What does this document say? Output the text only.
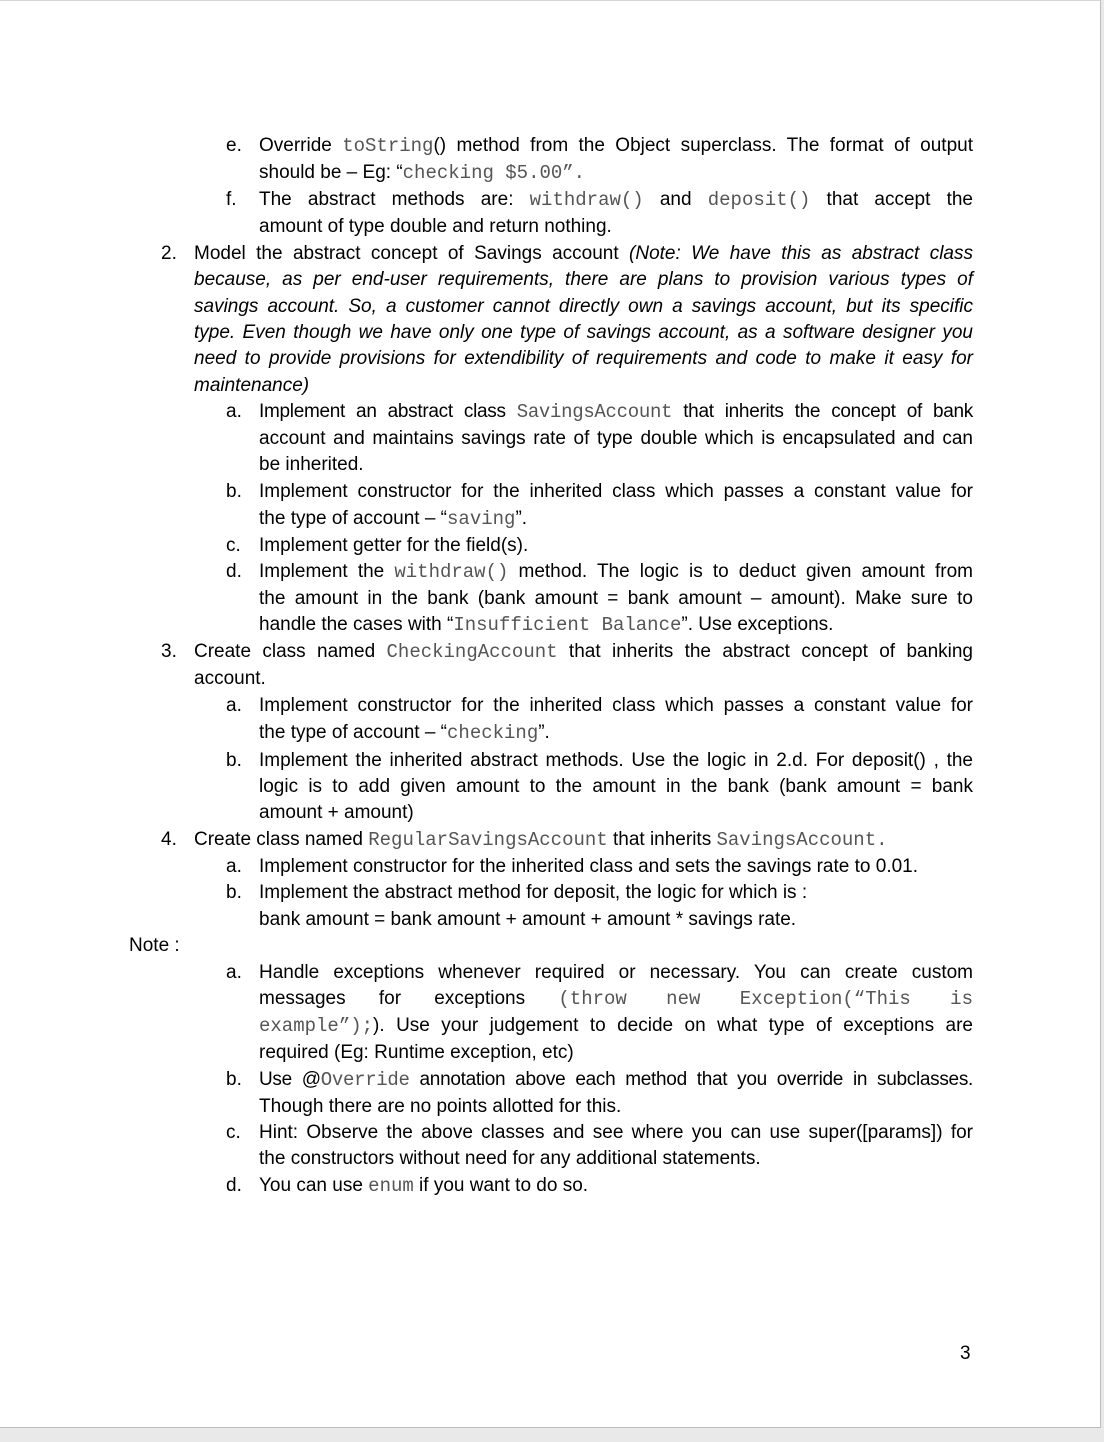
e. Override toString() method from the Object superclass. The format of output
should be – Eg: “checking $5.00”.
f. The abstract methods are: withdraw() and deposit() that accept the
amount of type double and return nothing.
2. Model the abstract concept of Savings account (Note: We have this as abstract class
because, as per end-user requirements, there are plans to provision various types of
savings account. So, a customer cannot directly own a savings account, but its specific
type. Even though we have only one type of savings account, as a software designer you
need to provide provisions for extendibility of requirements and code to make it easy for
maintenance)
a. Implement an abstract class SavingsAccount that inherits the concept of bank
account and maintains savings rate of type double which is encapsulated and can
be inherited.
b. Implement constructor for the inherited class which passes a constant value for
the type of account – “saving”.
c. Implement getter for the field(s).
d. Implement the withdraw() method. The logic is to deduct given amount from
the amount in the bank (bank amount = bank amount – amount). Make sure to
handle the cases with “Insufficient Balance”. Use exceptions.
3. Create class named CheckingAccount that inherits the abstract concept of banking
account.
a. Implement constructor for the inherited class which passes a constant value for
the type of account – “checking”.
b. Implement the inherited abstract methods. Use the logic in 2.d. For deposit() , the
logic is to add given amount to the amount in the bank (bank amount = bank
amount + amount)
4. Create class named RegularSavingsAccount that inherits SavingsAccount.
a. Implement constructor for the inherited class and sets the savings rate to 0.01.
b. Implement the abstract method for deposit, the logic for which is :
bank amount = bank amount + amount + amount * savings rate.
Note :
a. Handle exceptions whenever required or necessary. You can create custom
messages for exceptions (throw new Exception(“This is
example”);). Use your judgement to decide on what type of exceptions are
required (Eg: Runtime exception, etc)
b. Use @Override annotation above each method that you override in subclasses.
Though there are no points allotted for this.
c. Hint: Observe the above classes and see where you can use super([params]) for
the constructors without need for any additional statements.
d. You can use enum if you want to do so.
3
